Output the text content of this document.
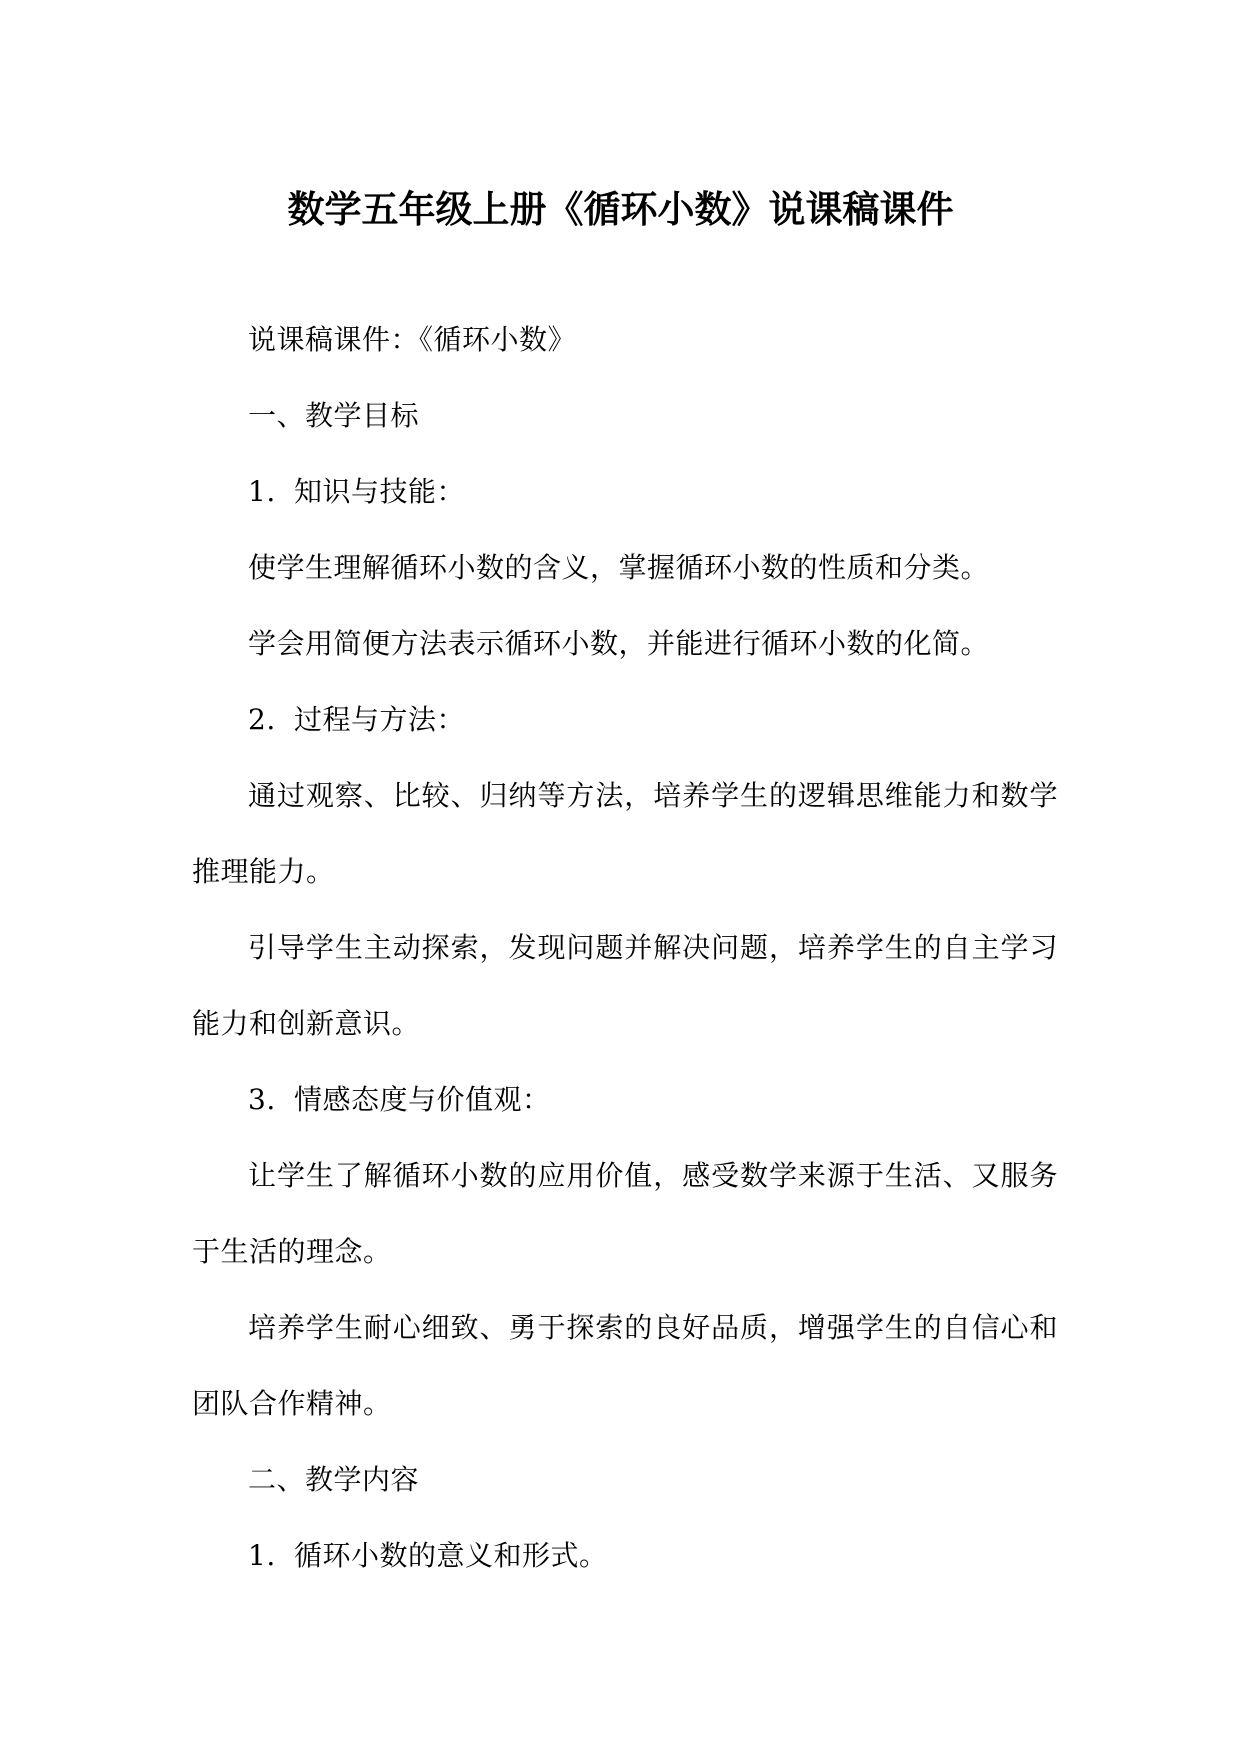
数学五年级上册《循环小数》说课稿课件

说课稿课件：《循环小数》

一、教学目标

1. 知识与技能：

使学生理解循环小数的含义，掌握循环小数的性质和分类。

学会用简便方法表示循环小数，并能进行循环小数的化简。

2. 过程与方法：

通过观察、比较、归纳等方法，培养学生的逻辑思维能力和数学推理能力。

引导学生主动探索，发现问题并解决问题，培养学生的自主学习能力和创新意识。

3. 情感态度与价值观：

让学生了解循环小数的应用价值，感受数学来源于生活、又服务于生活的理念。

培养学生耐心细致、勇于探索的良好品质，增强学生的自信心和团队合作精神。

二、教学内容

1. 循环小数的意义和形式。
